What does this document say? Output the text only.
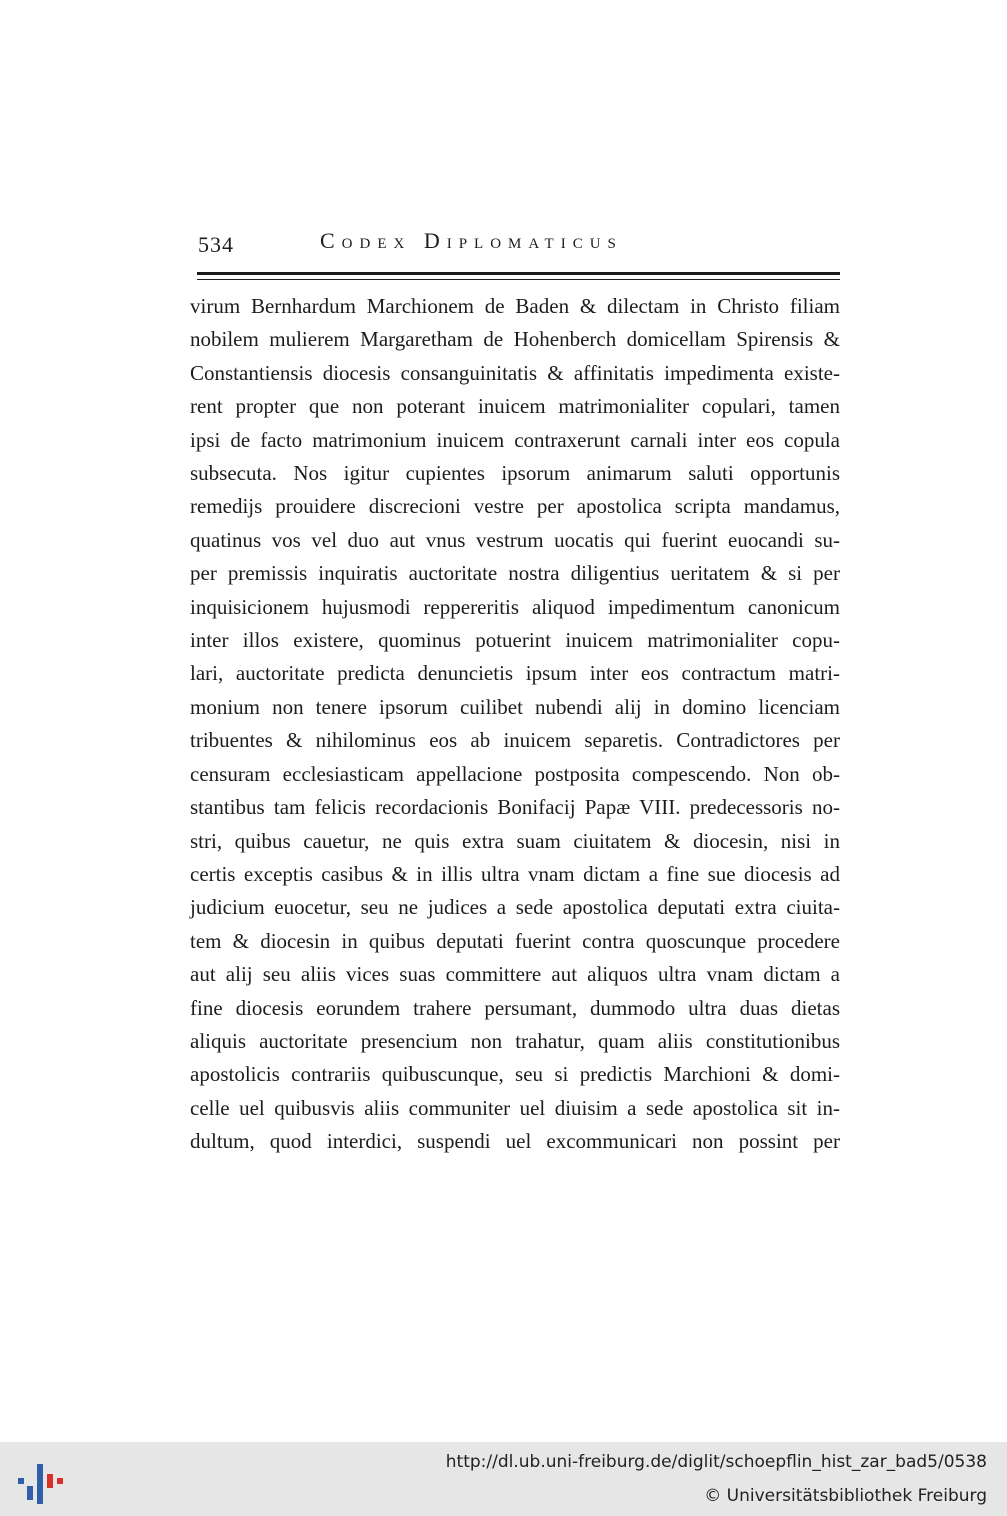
534	Codex Diplomaticus
virum Bernhardum Marchionem de Baden & dilectam in Christo filiam
nobilem mulierem Margaretham de Hohenberch domicellam Spirensis &
Constantiensis diocesis consanguinitatis & affinitatis impedimenta existe-
rent propter que non poterant inuicem matrimonialiter copulari, tamen
ipsi de facto matrimonium inuicem contraxerunt carnali inter eos copula
subsecuta. Nos igitur cupientes ipsorum animarum saluti opportunis
remedijs prouidere discrecioni vestre per apostolica scripta mandamus,
quatinus vos vel duo aut vnus vestrum uocatis qui fuerint euocandi su-
per premissis inquiratis auctoritate nostra diligentius ueritatem & si per
inquisicionem hujusmodi reppereritis aliquod impedimentum canonicum
inter illos existere, quominus potuerint inuicem matrimonialiter copu-
lari, auctoritate predicta denuncietis ipsum inter eos contractum matri-
monium non tenere ipsorum cuilibet nubendi alij in domino licenciam
tribuentes & nihilominus eos ab inuicem separetis. Contradictores per
censuram ecclesiasticam appellacione postposita compescendo. Non ob-
stantibus tam felicis recordacionis Bonifacij Papæ VIII. predecessoris no-
stri, quibus cauetur, ne quis extra suam ciuitatem & diocesin, nisi in
certis exceptis casibus & in illis ultra vnam dictam a fine sue diocesis ad
judicium euocetur, seu ne judices a sede apostolica deputati extra ciuita-
tem & diocesin in quibus deputati fuerint contra quoscunque procedere
aut alij seu aliis vices suas committere aut aliquos ultra vnam dictam a
fine diocesis eorundem trahere persumant, dummodo ultra duas dietas
aliquis auctoritate presencium non trahatur, quam aliis constitutionibus
apostolicis contrariis quibuscunque, seu si predictis Marchioni & domi-
celle uel quibusvis aliis communiter uel diuisim a sede apostolica sit in-
dultum, quod interdici, suspendi uel excommunicari non possint per
http://dl.ub.uni-freiburg.de/diglit/schoepflin_hist_zar_bad5/0538
© Universitätsbibliothek Freiburg
